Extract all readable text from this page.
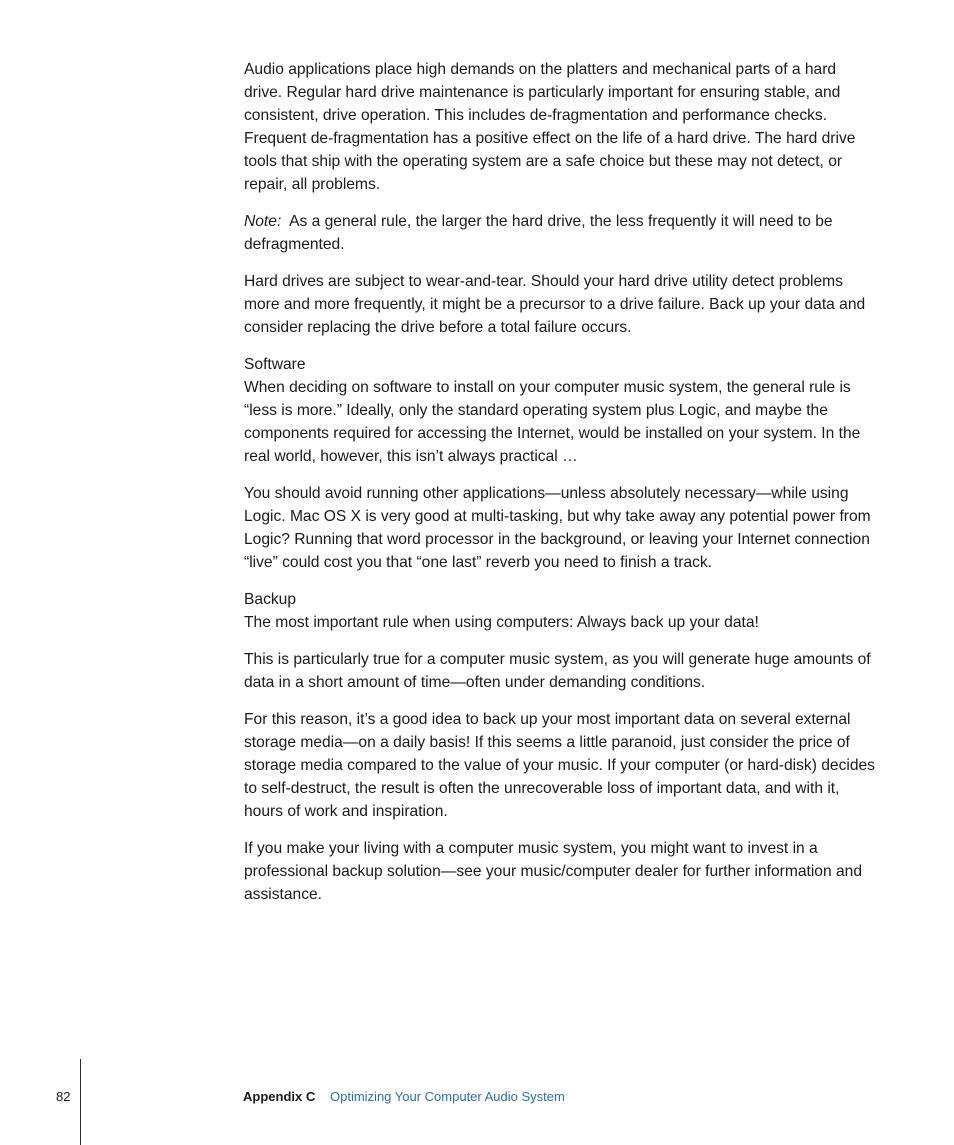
Audio applications place high demands on the platters and mechanical parts of a hard drive. Regular hard drive maintenance is particularly important for ensuring stable, and consistent, drive operation. This includes de-fragmentation and performance checks. Frequent de-fragmentation has a positive effect on the life of a hard drive. The hard drive tools that ship with the operating system are a safe choice but these may not detect, or repair, all problems.

Note: As a general rule, the larger the hard drive, the less frequently it will need to be defragmented.

Hard drives are subject to wear-and-tear. Should your hard drive utility detect problems more and more frequently, it might be a precursor to a drive failure. Back up your data and consider replacing the drive before a total failure occurs.

Software

When deciding on software to install on your computer music system, the general rule is “less is more.” Ideally, only the standard operating system plus Logic, and maybe the components required for accessing the Internet, would be installed on your system. In the real world, however, this isn’t always practical …

You should avoid running other applications—unless absolutely necessary—while using Logic. Mac OS X is very good at multi-tasking, but why take away any potential power from Logic? Running that word processor in the background, or leaving your Internet connection “live” could cost you that “one last” reverb you need to finish a track.

Backup

The most important rule when using computers: Always back up your data!

This is particularly true for a computer music system, as you will generate huge amounts of data in a short amount of time—often under demanding conditions.

For this reason, it’s a good idea to back up your most important data on several external storage media—on a daily basis! If this seems a little paranoid, just consider the price of storage media compared to the value of your music. If your computer (or hard-disk) decides to self-destruct, the result is often the unrecoverable loss of important data, and with it, hours of work and inspiration.

If you make your living with a computer music system, you might want to invest in a professional backup solution—see your music/computer dealer for further information and assistance.

82	Appendix C Optimizing Your Computer Audio System
